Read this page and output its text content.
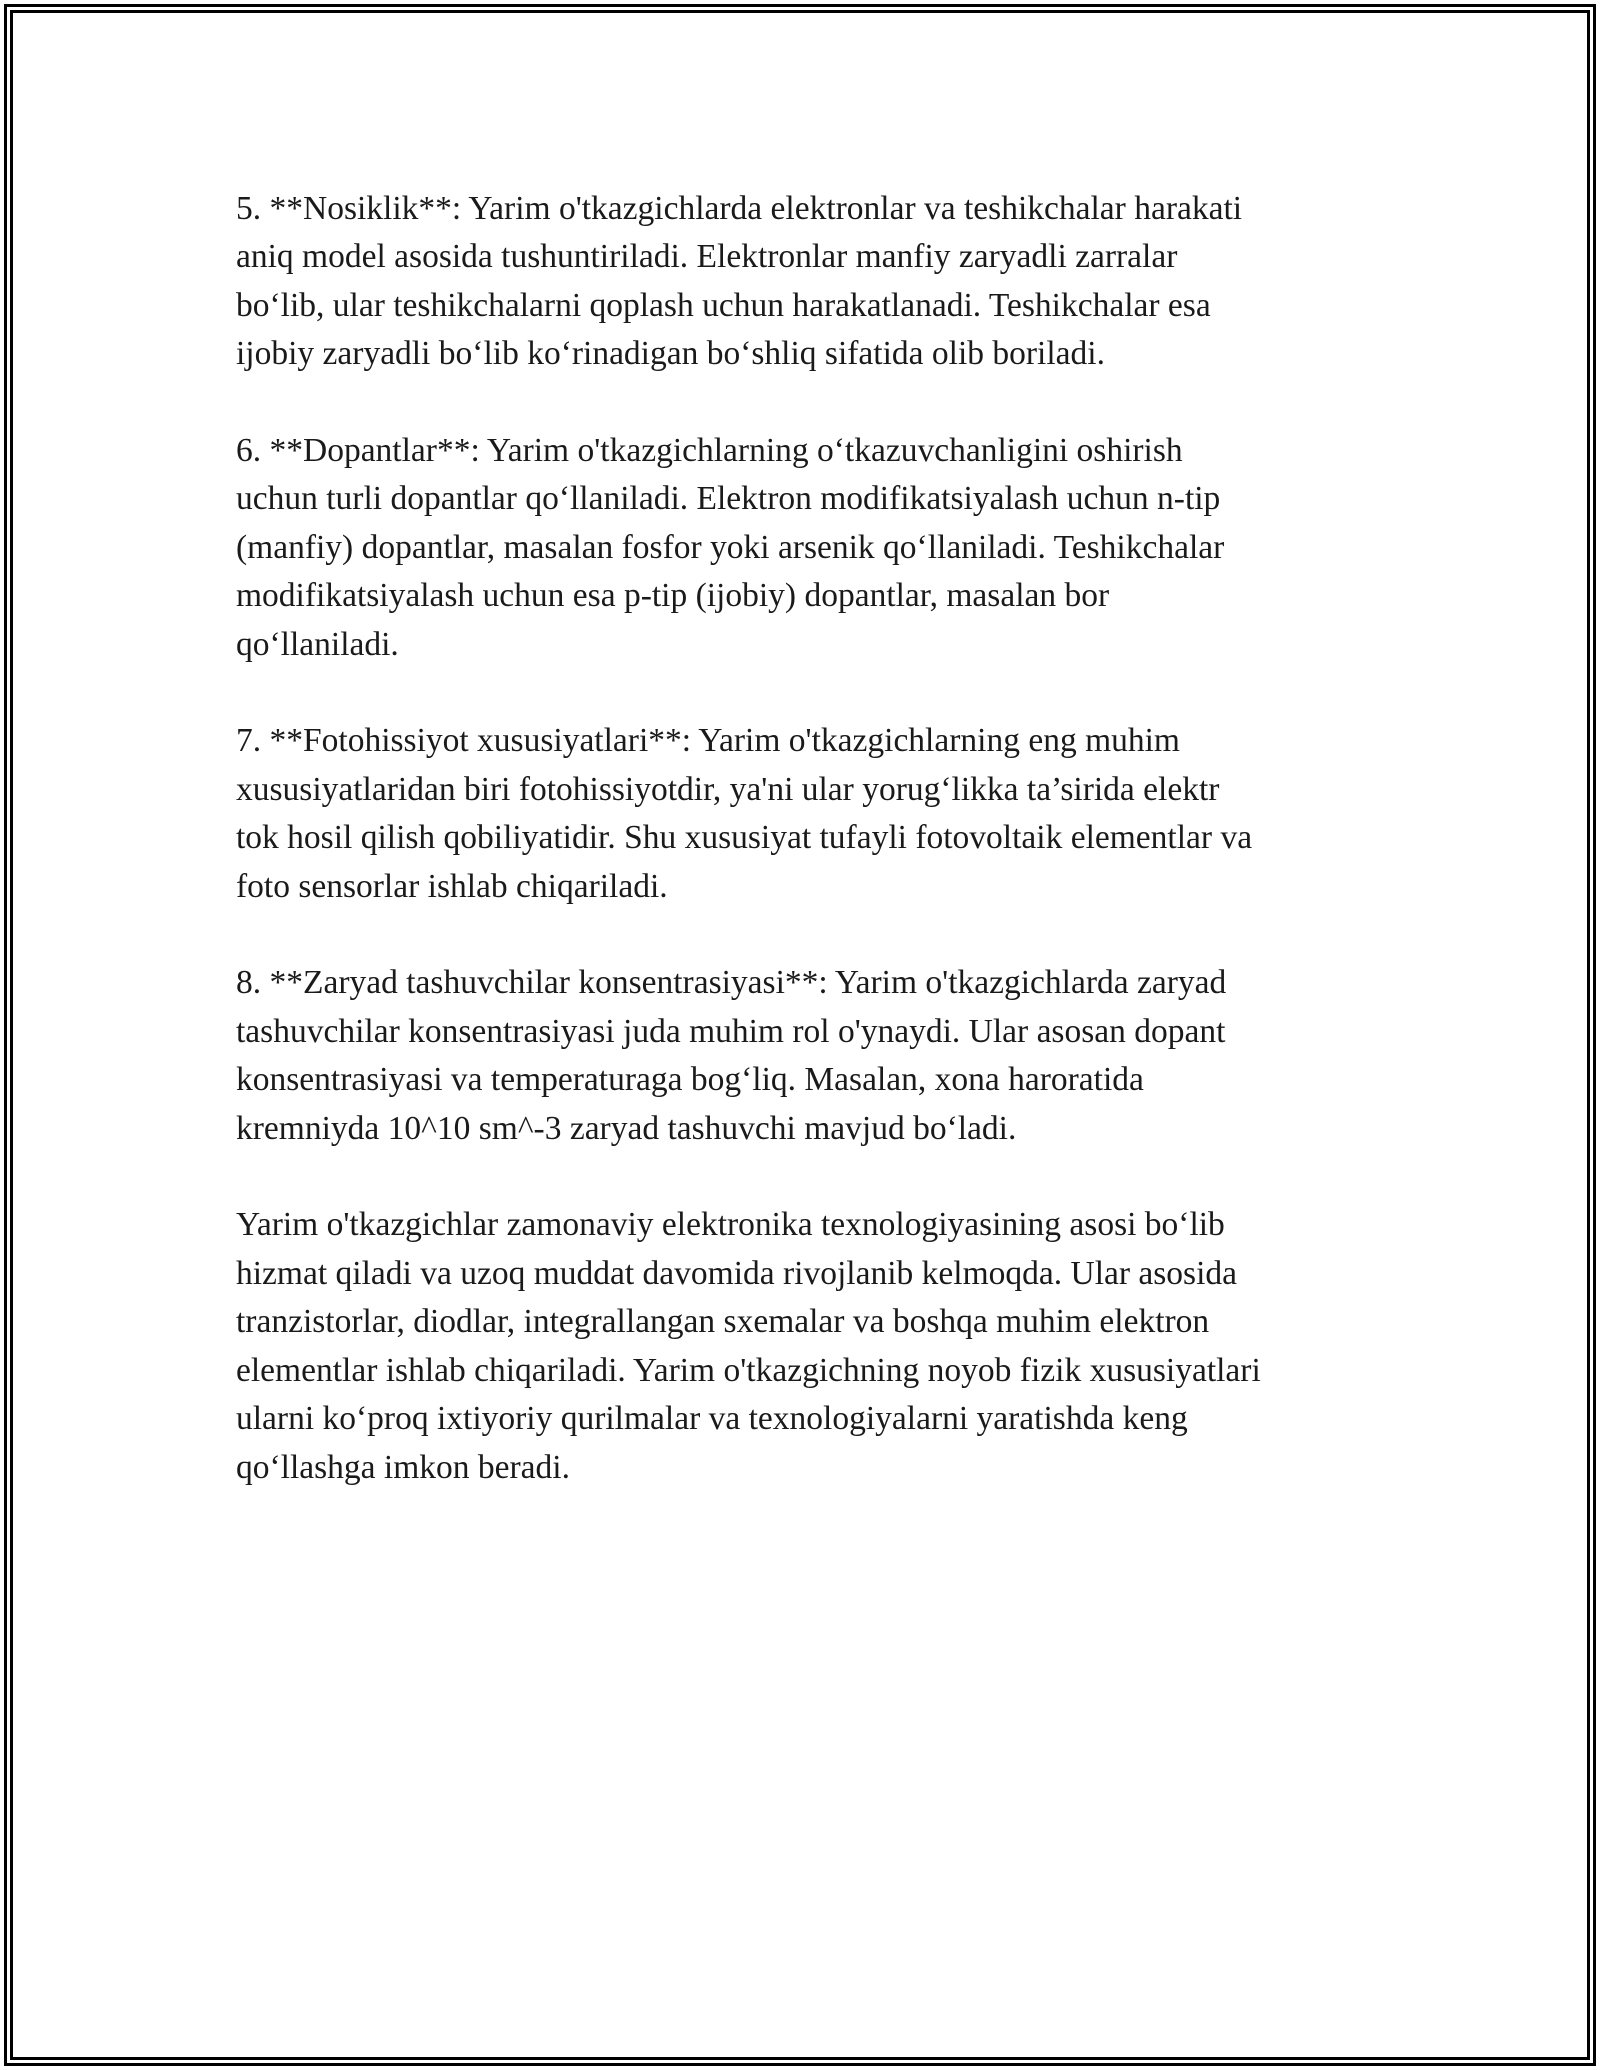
5. **Nosiklik**: Yarim o'tkazgichlarda elektronlar va teshikchalar harakati
aniq model asosida tushuntiriladi. Elektronlar manfiy zaryadli zarralar
bo‘lib, ular teshikchalarni qoplash uchun harakatlanadi. Teshikchalar esa
ijobiy zaryadli bo‘lib ko‘rinadigan bo‘shliq sifatida olib boriladi.

6. **Dopantlar**: Yarim o'tkazgichlarning o‘tkazuvchanligini oshirish
uchun turli dopantlar qo‘llaniladi. Elektron modifikatsiyalash uchun n-tip
(manfiy) dopantlar, masalan fosfor yoki arsenik qo‘llaniladi. Teshikchalar
modifikatsiyalash uchun esa p-tip (ijobiy) dopantlar, masalan bor
qo‘llaniladi.

7. **Fotohissiyot xususiyatlari**: Yarim o'tkazgichlarning eng muhim
xususiyatlaridan biri fotohissiyotdir, ya'ni ular yorug‘likka ta’sirida elektr
tok hosil qilish qobiliyatidir. Shu xususiyat tufayli fotovoltaik elementlar va
foto sensorlar ishlab chiqariladi.

8. **Zaryad tashuvchilar konsentrasiyasi**: Yarim o'tkazgichlarda zaryad
tashuvchilar konsentrasiyasi juda muhim rol o'ynaydi. Ular asosan dopant
konsentrasiyasi va temperaturaga bog‘liq. Masalan, xona haroratida
kremniyda 10^10 sm^-3 zaryad tashuvchi mavjud bo‘ladi.

Yarim o'tkazgichlar zamonaviy elektronika texnologiyasining asosi bo‘lib
hizmat qiladi va uzoq muddat davomida rivojlanib kelmoqda. Ular asosida
tranzistorlar, diodlar, integrallangan sxemalar va boshqa muhim elektron
elementlar ishlab chiqariladi. Yarim o'tkazgichning noyob fizik xususiyatlari
ularni ko‘proq ixtiyoriy qurilmalar va texnologiyalarni yaratishda keng
qo‘llashga imkon beradi.
